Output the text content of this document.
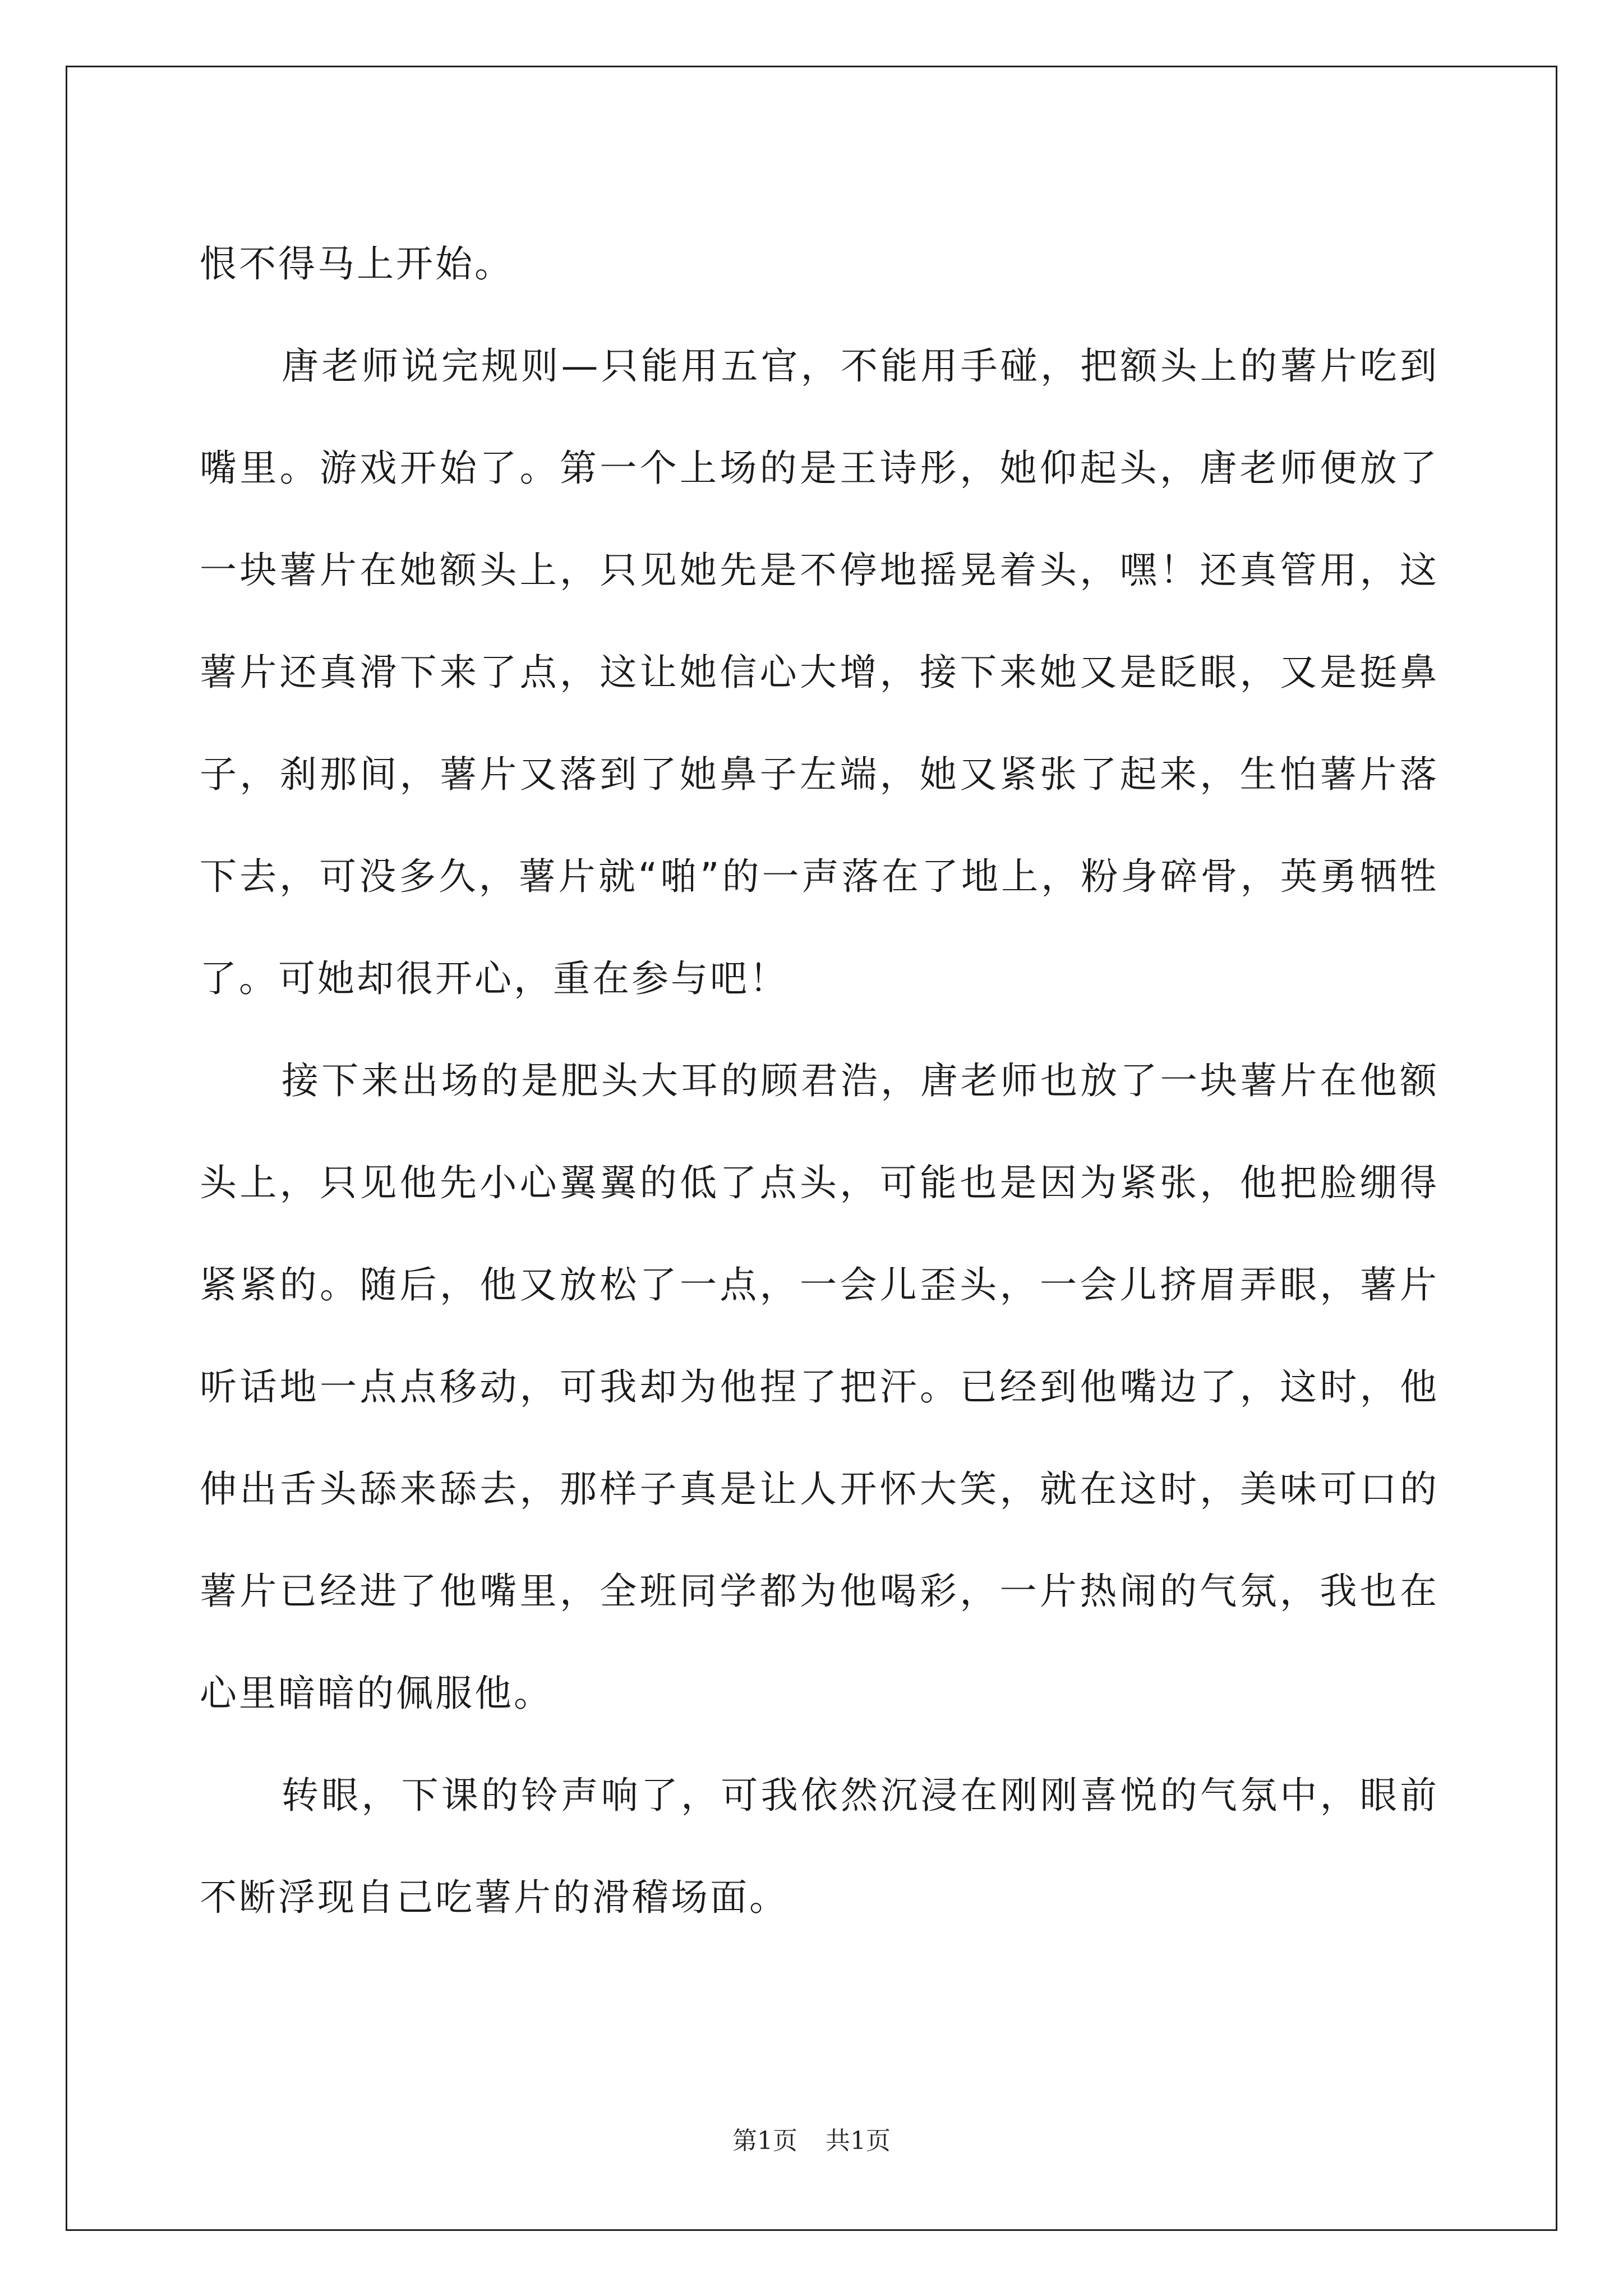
恨不得马上开始。

唐老师说完规则—只能用五官，不能用手碰，把额头上的薯片吃到嘴里。游戏开始了。第一个上场的是王诗彤，她仰起头，唐老师便放了一块薯片在她额头上，只见她先是不停地摇晃着头，嘿！还真管用，这薯片还真滑下来了点，这让她信心大增，接下来她又是眨眼，又是挺鼻子，刹那间，薯片又落到了她鼻子左端，她又紧张了起来，生怕薯片落下去，可没多久，薯片就“啪”的一声落在了地上，粉身碎骨，英勇牺牲了。可她却很开心，重在参与吧！

接下来出场的是肥头大耳的顾君浩，唐老师也放了一块薯片在他额头上，只见他先小心翼翼的低了点头，可能也是因为紧张，他把脸绷得紧紧的。随后，他又放松了一点，一会儿歪头，一会儿挤眉弄眼，薯片听话地一点点移动，可我却为他捏了把汗。已经到他嘴边了，这时，他伸出舌头舔来舔去，那样子真是让人开怀大笑，就在这时，美味可口的薯片已经进了他嘴里，全班同学都为他喝彩，一片热闹的气氛，我也在心里暗暗的佩服他。

转眼，下课的铃声响了，可我依然沉浸在刚刚喜悦的气氛中，眼前不断浮现自己吃薯片的滑稽场面。

第1页 共1页
